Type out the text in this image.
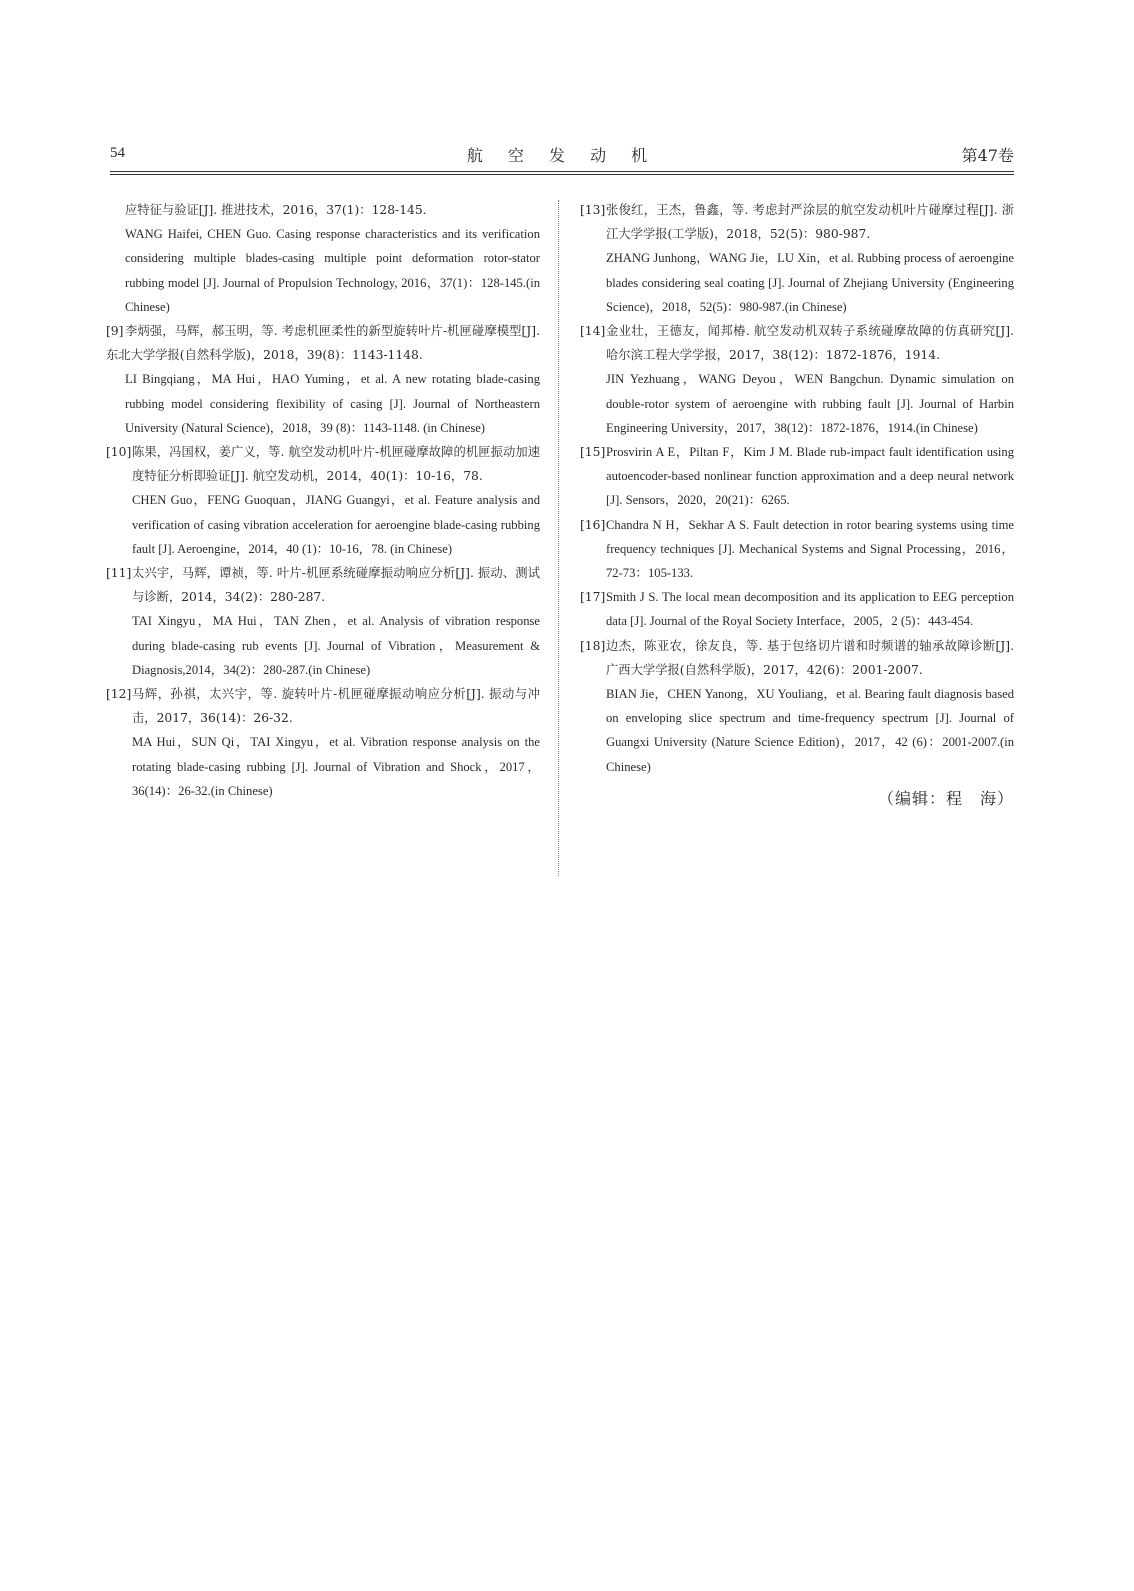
54	航 空 发 动 机	第47卷

应特征与验证[J]. 推进技术，2016，37(1)：128-145.

WANG Haifei, CHEN Guo. Casing response characteristics and its verification considering multiple blades-casing multiple point deformation rotor-stator rubbing model [J]. Journal of Propulsion Technology, 2016，37(1)：128-145.(in Chinese)

[9] 李炳强，马辉，郝玉明，等. 考虑机匣柔性的新型旋转叶片-机匣碰摩模型[J]. 东北大学学报(自然科学版)，2018，39(8)：1143-1148.

LI Bingqiang，MA Hui，HAO Yuming，et al. A new rotating blade-casing rubbing model considering flexibility of casing [J]. Journal of Northeastern University (Natural Science)，2018，39 (8)：1143-1148. (in Chinese)

[10] 陈果，冯国权，姜广义，等. 航空发动机叶片-机匣碰摩故障的机匣振动加速度特征分析即验证[J]. 航空发动机，2014，40(1)：10-16，78.

CHEN Guo，FENG Guoquan，JIANG Guangyi，et al. Feature analysis and verification of casing vibration acceleration for aeroengine blade-casing rubbing fault [J]. Aeroengine，2014，40 (1)：10-16，78. (in Chinese)

[11] 太兴宇，马辉，谭祯，等. 叶片-机匣系统碰摩振动响应分析[J]. 振动、测试与诊断，2014，34(2)：280-287.

TAI Xingyu，MA Hui，TAN Zhen，et al. Analysis of vibration response during blade-casing rub events [J]. Journal of Vibration，Measurement & Diagnosis,2014，34(2)：280-287.(in Chinese)

[12] 马辉，孙祺，太兴宇，等. 旋转叶片-机匣碰摩振动响应分析[J]. 振动与冲击，2017，36(14)：26-32.

MA Hui，SUN Qi，TAI Xingyu，et al. Vibration response analysis on the rotating blade-casing rubbing [J]. Journal of Vibration and Shock，2017，36(14)：26-32.(in Chinese)

[13] 张俊红，王杰，鲁鑫，等. 考虑封严涂层的航空发动机叶片碰摩过程[J]. 浙江大学学报(工学版)，2018，52(5)：980-987.

ZHANG Junhong，WANG Jie，LU Xin，et al. Rubbing process of aeroengine blades considering seal coating [J]. Journal of Zhejiang University (Engineering Science)，2018，52(5)：980-987.(in Chinese)

[14] 金业壮，王德友，闻邦椿. 航空发动机双转子系统碰摩故障的仿真研究[J]. 哈尔滨工程大学学报，2017，38(12)：1872-1876，1914.

JIN Yezhuang，WANG Deyou，WEN Bangchun. Dynamic simulation on double-rotor system of aeroengine with rubbing fault [J]. Journal of Harbin Engineering University，2017，38(12)：1872-1876，1914.(in Chinese)

[15] Prosvirin A E，Piltan F，Kim J M. Blade rub-impact fault identification using autoencoder-based nonlinear function approximation and a deep neural network [J]. Sensors，2020，20(21)：6265.

[16] Chandra N H，Sekhar A S. Fault detection in rotor bearing systems using time frequency techniques [J]. Mechanical Systems and Signal Processing，2016，72-73：105-133.

[17] Smith J S. The local mean decomposition and its application to EEG perception data [J]. Journal of the Royal Society Interface，2005，2 (5)：443-454.

[18] 边杰，陈亚农，徐友良，等. 基于包络切片谱和时频谱的轴承故障诊断[J]. 广西大学学报(自然科学版)，2017，42(6)：2001-2007.

BIAN Jie，CHEN Yanong，XU Youliang，et al. Bearing fault diagnosis based on enveloping slice spectrum and time-frequency spectrum [J]. Journal of Guangxi University (Nature Science Edition)，2017，42 (6)：2001-2007.(in Chinese)

（编辑：程　海）
